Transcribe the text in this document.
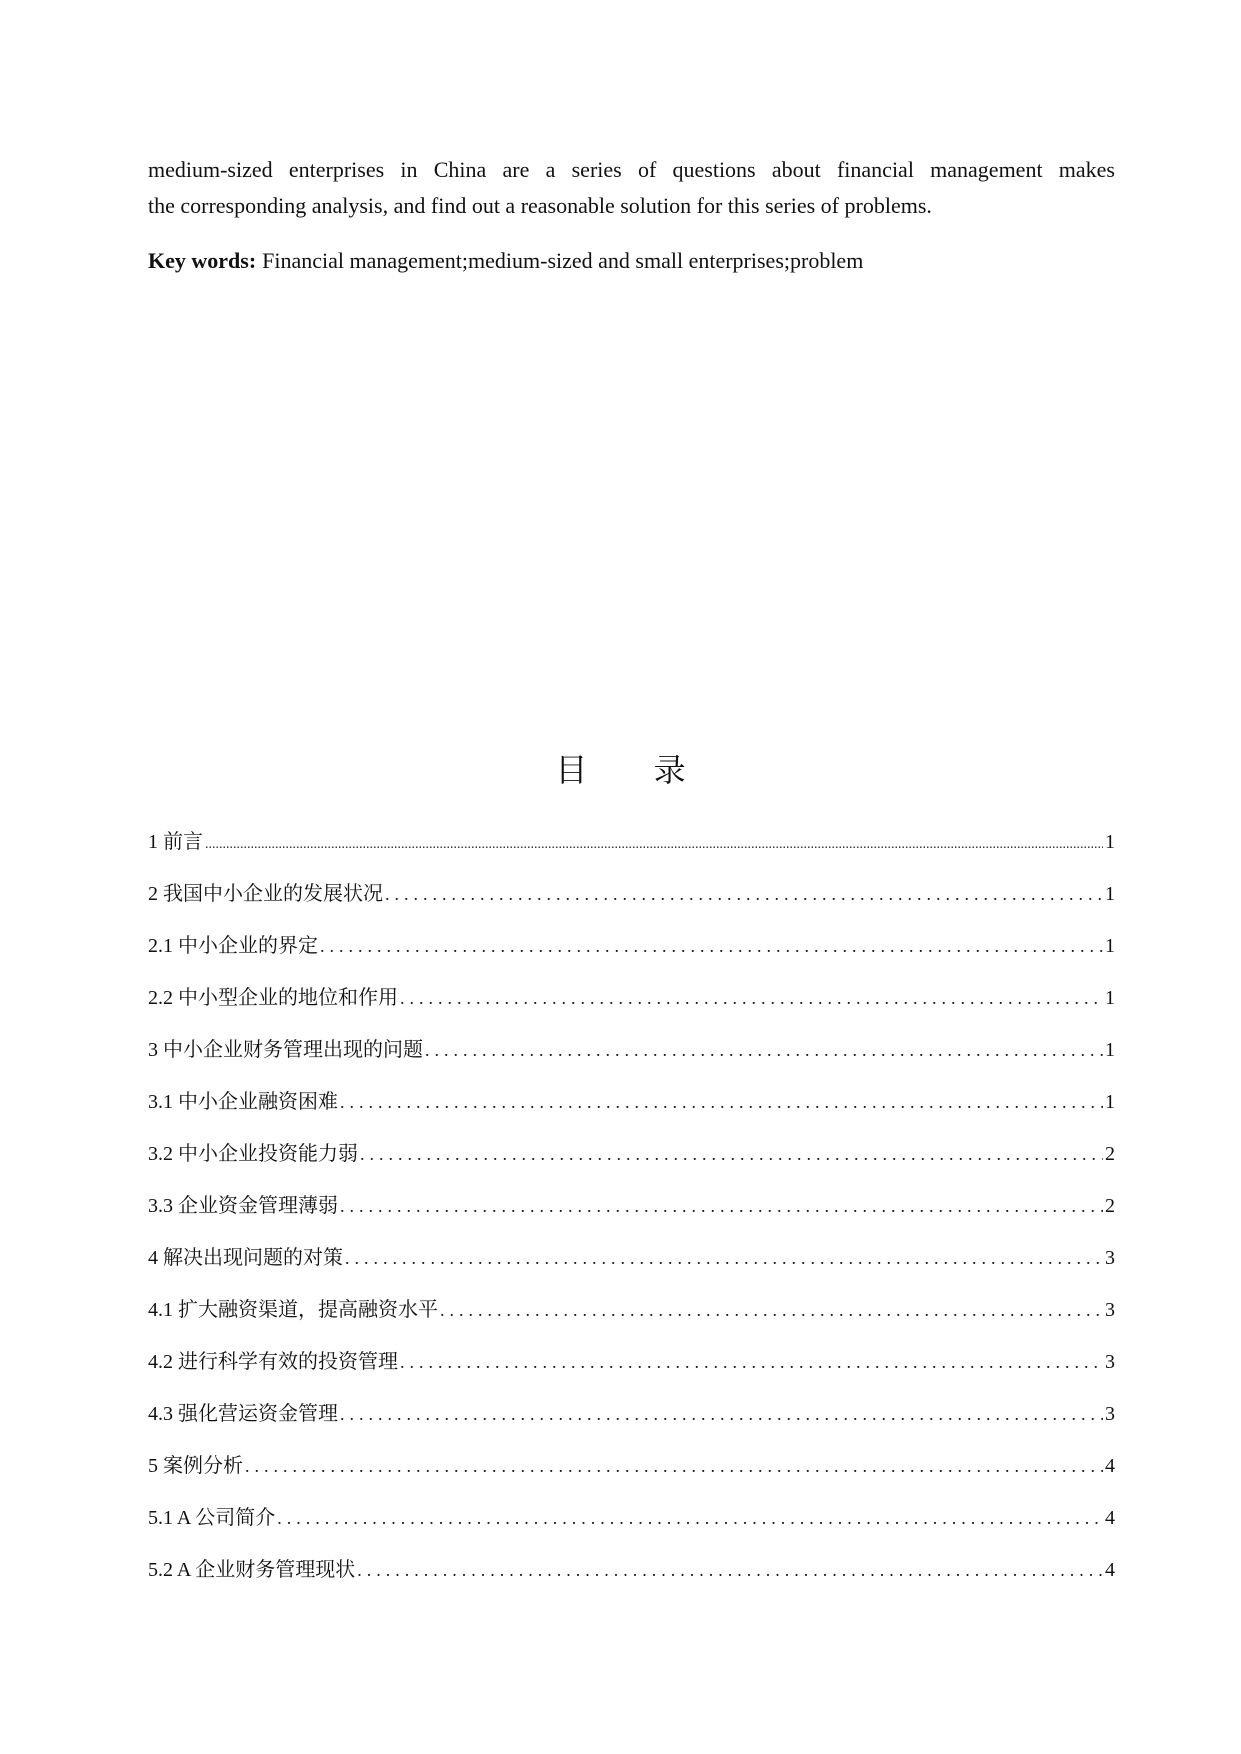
medium-sized enterprises in China are a series of questions about financial management makes
the corresponding analysis, and find out a reasonable solution for this series of problems.
Key words: Financial management;medium-sized and small enterprises;problem
目 录
1 前言 .....	1
2 我国中小企业的发展状况 .....	1
2.1 中小企业的界定 .....	1
2.2 中小型企业的地位和作用 .....	1
3 中小企业财务管理出现的问题 .....	1
3.1 中小企业融资困难 .....	1
3.2 中小企业投资能力弱 .....	2
3.3 企业资金管理薄弱 .....	2
4 解决出现问题的对策 .....	3
4.1 扩大融资渠道，提高融资水平 .....	3
4.2 进行科学有效的投资管理 .....	3
4.3 强化营运资金管理 .....	3
5 案例分析 .....	4
5.1 A 公司简介 .....	4
5.2 A 企业财务管理现状 .....	4
